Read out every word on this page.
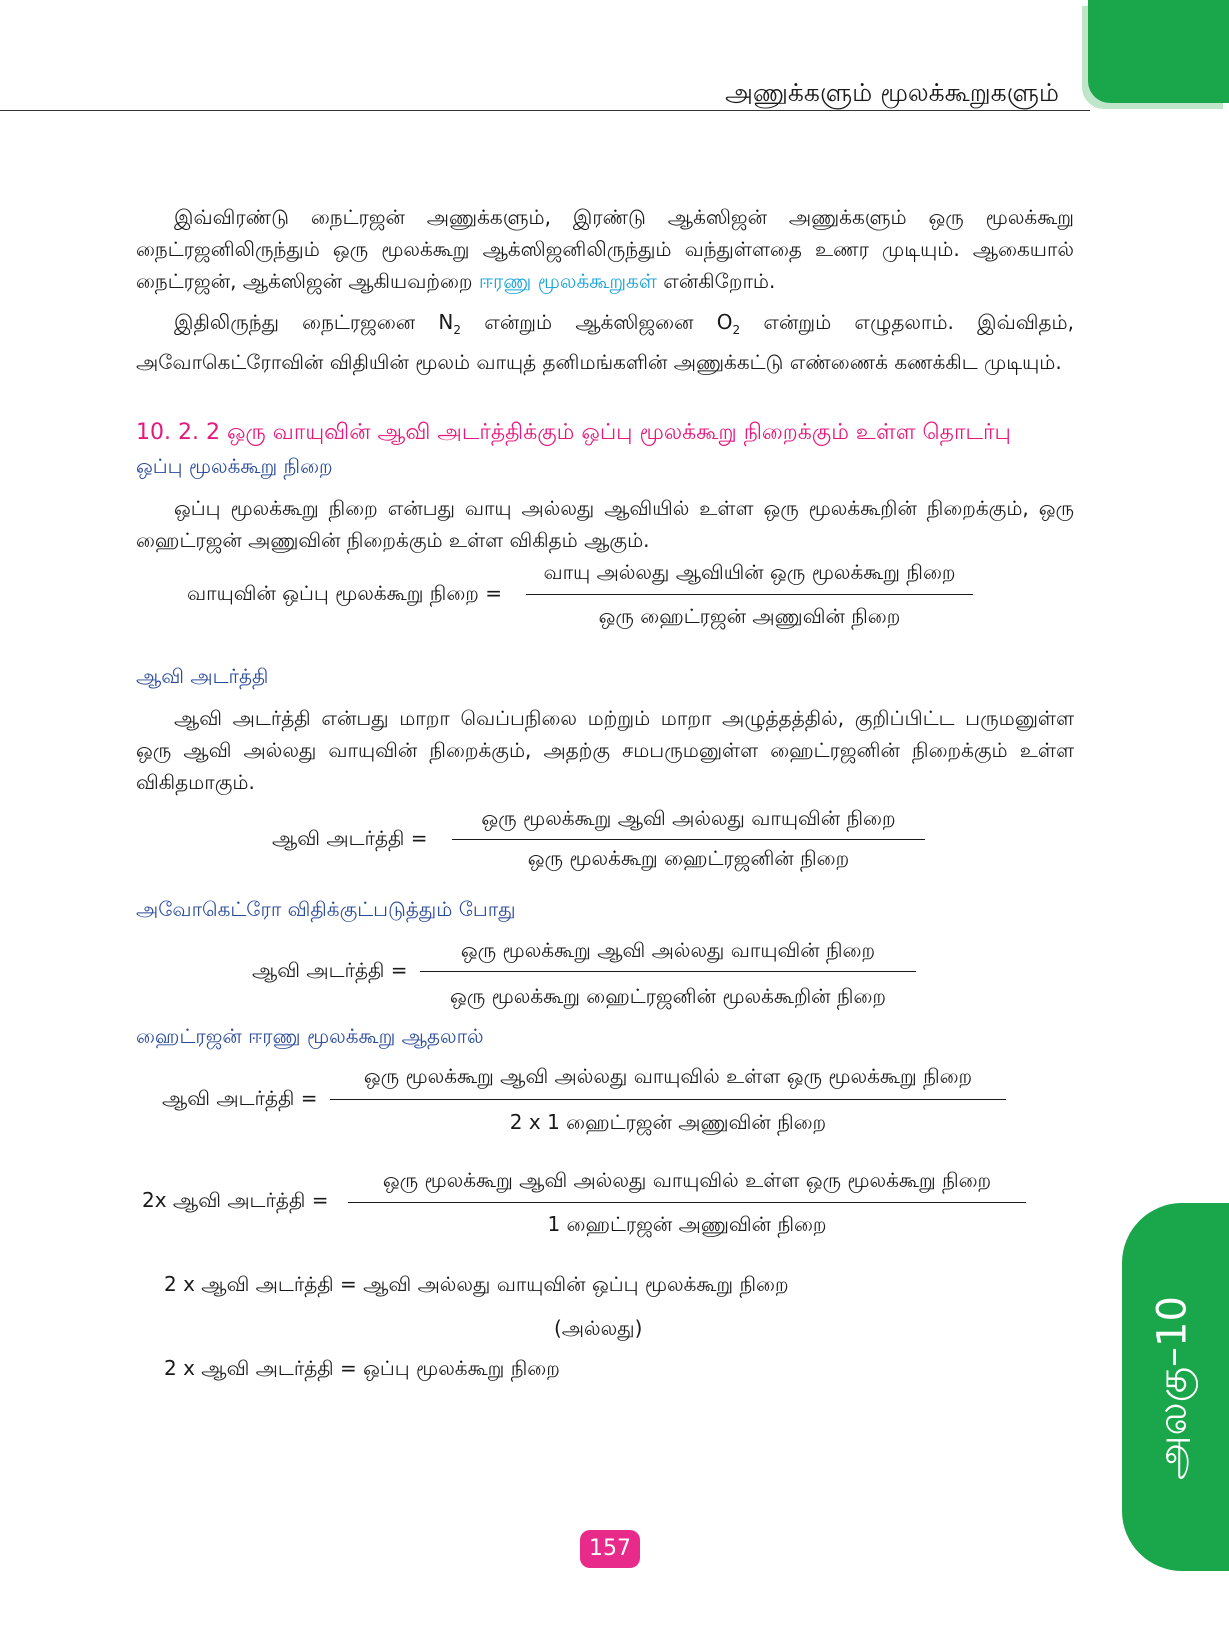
அணுக்களும் மூலக்கூறுகளும்
இவ்விரண்டு நைட்ரஜன் அணுக்களும், இரண்டு ஆக்ஸிஜன் அணுக்களும் ஒரு மூலக்கூறு நைட்ரஜனிலிருந்தும் ஒரு மூலக்கூறு ஆக்ஸிஜனிலிருந்தும் வந்துள்ளதை உணர முடியும். ஆகையால் நைட்ரஜன், ஆக்ஸிஜன் ஆகியவற்றை ஈரணு மூலக்கூறுகள் என்கிறோம்.
இதிலிருந்து நைட்ரஜனை $N_2$ என்றும் ஆக்ஸிஜனை $O_2$ என்றும் எழுதலாம். இவ்விதம், அவோகெட்ரோவின் விதியின் மூலம் வாயுத் தனிமங்களின் அணுக்கட்டு எண்ணைக் கணக்கிட முடியும்.
10. 2. 2 ஒரு வாயுவின் ஆவி அடர்த்திக்கும் ஒப்பு மூலக்கூறு நிறைக்கும் உள்ள தொடர்பு
ஒப்பு மூலக்கூறு நிறை
ஒப்பு மூலக்கூறு நிறை என்பது வாயு அல்லது ஆவியில் உள்ள ஒரு மூலக்கூறின் நிறைக்கும், ஒரு ஹைட்ரஜன் அணுவின் நிறைக்கும் உள்ள விகிதம் ஆகும்.
வாயுவின் ஒப்பு மூலக்கூறு நிறை =
வாயு அல்லது ஆவியின் ஒரு மூலக்கூறு நிறை
ஒரு ஹைட்ரஜன் அணுவின் நிறை
ஆவி அடர்த்தி
ஆவி அடர்த்தி என்பது மாறா வெப்பநிலை மற்றும் மாறா அழுத்தத்தில், குறிப்பிட்ட பருமனுள்ள ஒரு ஆவி அல்லது வாயுவின் நிறைக்கும், அதற்கு சமபருமனுள்ள ஹைட்ரஜனின் நிறைக்கும் உள்ள விகிதமாகும்.
ஆவி அடர்த்தி =
ஒரு மூலக்கூறு ஆவி அல்லது வாயுவின் நிறை
ஒரு மூலக்கூறு ஹைட்ரஜனின் நிறை
அவோகெட்ரோ விதிக்குட்படுத்தும் போது
ஆவி அடர்த்தி =
ஒரு மூலக்கூறு ஆவி அல்லது வாயுவின் நிறை
ஒரு மூலக்கூறு ஹைட்ரஜனின் மூலக்கூறின் நிறை
ஹைட்ரஜன் ஈரணு மூலக்கூறு ஆதலால்
ஆவி அடர்த்தி =
ஒரு மூலக்கூறு ஆவி அல்லது வாயுவில் உள்ள ஒரு மூலக்கூறு நிறை
2 x 1 ஹைட்ரஜன் அணுவின் நிறை
2x ஆவி அடர்த்தி =
ஒரு மூலக்கூறு ஆவி அல்லது வாயுவில் உள்ள ஒரு மூலக்கூறு நிறை
1 ஹைட்ரஜன் அணுவின் நிறை
2 x ஆவி அடர்த்தி = ஆவி அல்லது வாயுவின் ஒப்பு மூலக்கூறு நிறை
(அல்லது)
2 x ஆவி அடர்த்தி = ஒப்பு மூலக்கூறு நிறை	அலகு–10
157
